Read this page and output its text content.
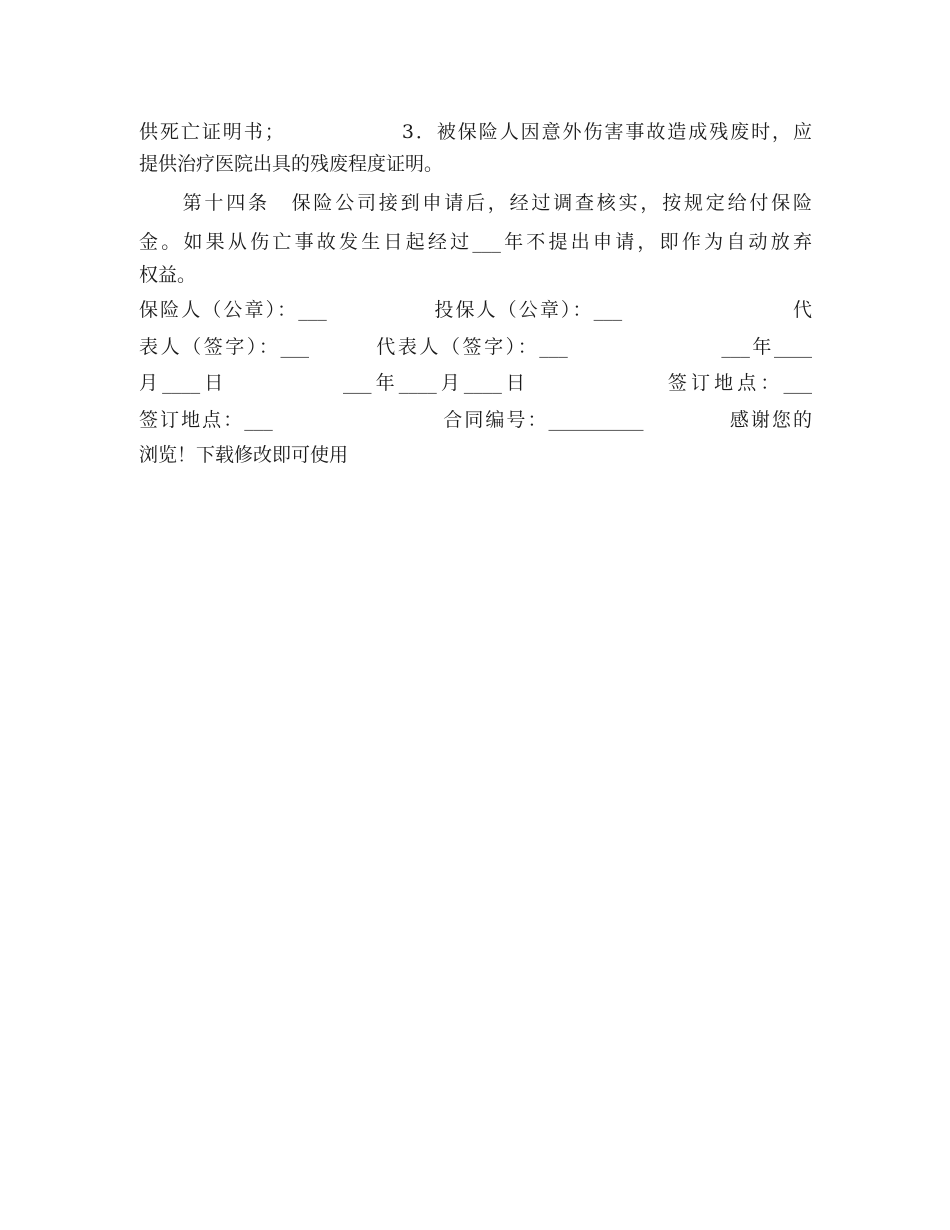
供死亡证明书；　　　　　　3．被保险人因意外伤害事故造成残废时，应
提供治疗医院出具的残废程度证明。
　　第十四条　保险公司接到申请后，经过调查核实，按规定给付保险
金。如果从伤亡事故发生日起经过___年不提出申请，即作为自动放弃
权益。
保险人（公章）：___　　　　　投保人（公章）：___　　　　　　　　代
表人（签字）：___　　　代表人（签字）：___　　　　　　　___年____
月____日　　　　　___年____月____日　　　　　　签订地点：___
签订地点：___　　　　　　　　合同编号：__________　　　　感谢您的
浏览！下载修改即可使用
